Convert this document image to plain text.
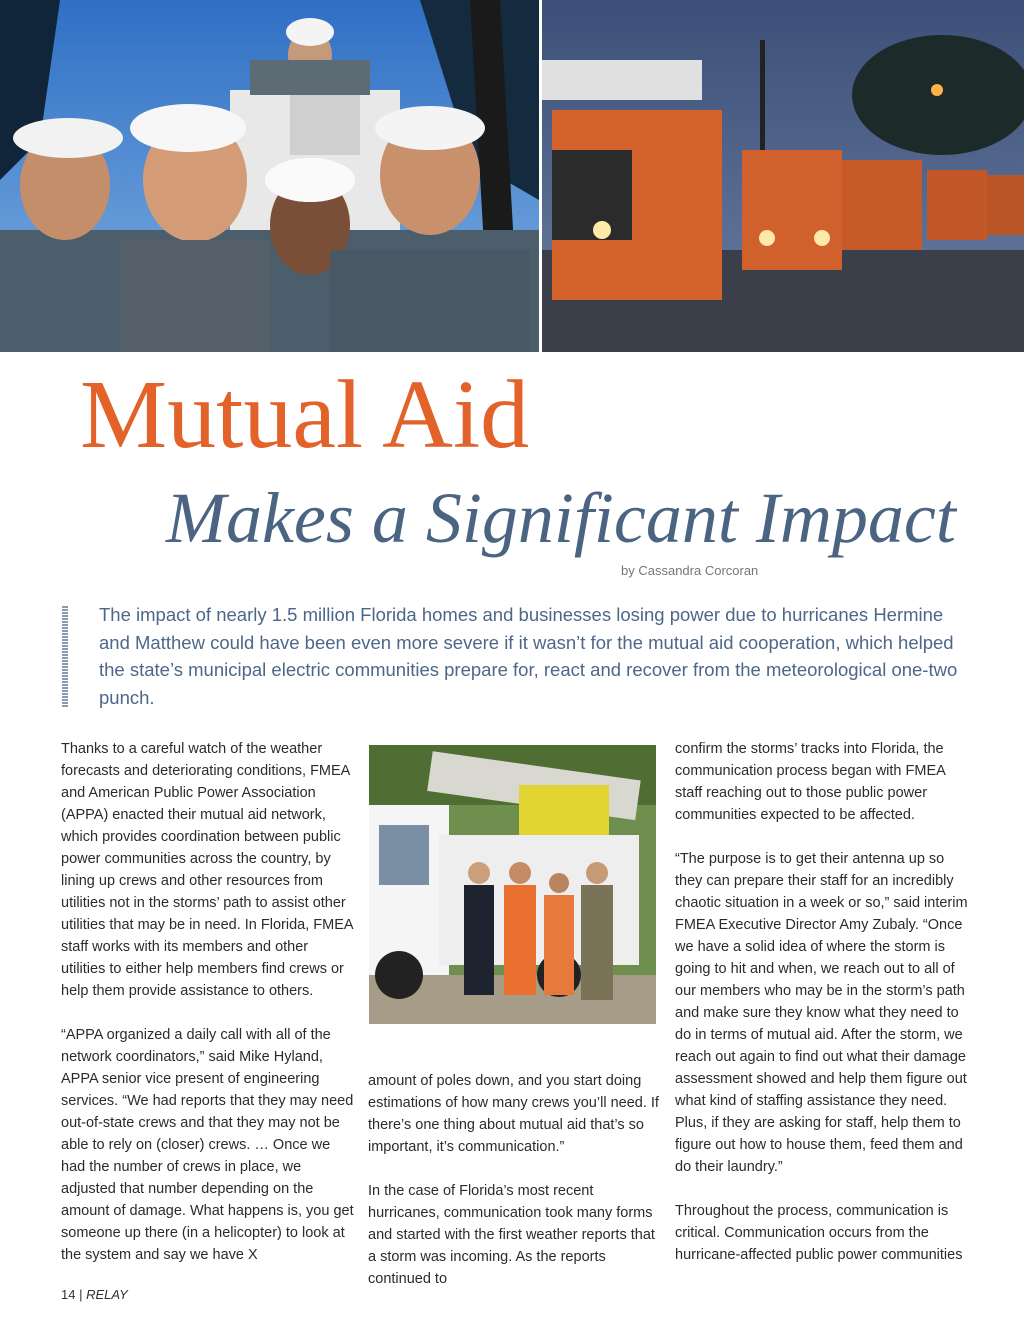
Mutual Aid
Makes a Significant Impact
by Cassandra Corcoran

The impact of nearly 1.5 million Florida homes and businesses losing power due to hurricanes Hermine and Matthew could have been even more severe if it wasn’t for the mutual aid cooperation, which helped the state’s municipal electric communities prepare for, react and recover from the meteorological one-two punch.

Thanks to a careful watch of the weather forecasts and deteriorating conditions, FMEA and American Public Power Association (APPA) enacted their mutual aid network, which provides coordination between public power communities across the country, by lining up crews and other resources from utilities not in the storms’ path to assist other utilities that may be in need. In Florida, FMEA staff works with its members and other utilities to either help members find crews or help them provide assistance to others.

“APPA organized a daily call with all of the network coordinators,” said Mike Hyland, APPA senior vice present of engineering services. “We had reports that they may need out-of-state crews and that they may not be able to rely on (closer) crews. … Once we had the number of crews in place, we adjusted that number depending on the amount of damage. What happens is, you get someone up there (in a helicopter) to look at the system and say we have X

amount of poles down, and you start doing estimations of how many crews you’ll need. If there’s one thing about mutual aid that’s so important, it’s communication.”

In the case of Florida’s most recent hurricanes, communication took many forms and started with the first weather reports that a storm was incoming. As the reports continued to

confirm the storms’ tracks into Florida, the communication process began with FMEA staff reaching out to those public power communities expected to be affected.

“The purpose is to get their antenna up so they can prepare their staff for an incredibly chaotic situation in a week or so,” said interim FMEA Executive Director Amy Zubaly. “Once we have a solid idea of where the storm is going to hit and when, we reach out to all of our members who may be in the storm’s path and make sure they know what they need to do in terms of mutual aid. After the storm, we reach out again to find out what their damage assessment showed and help them figure out what kind of staffing assistance they need. Plus, if they are asking for staff, help them to figure out how to house them, feed them and do their laundry.”

Throughout the process, communication is critical. Communication occurs from the hurricane-affected public power communities

14 | RELAY
